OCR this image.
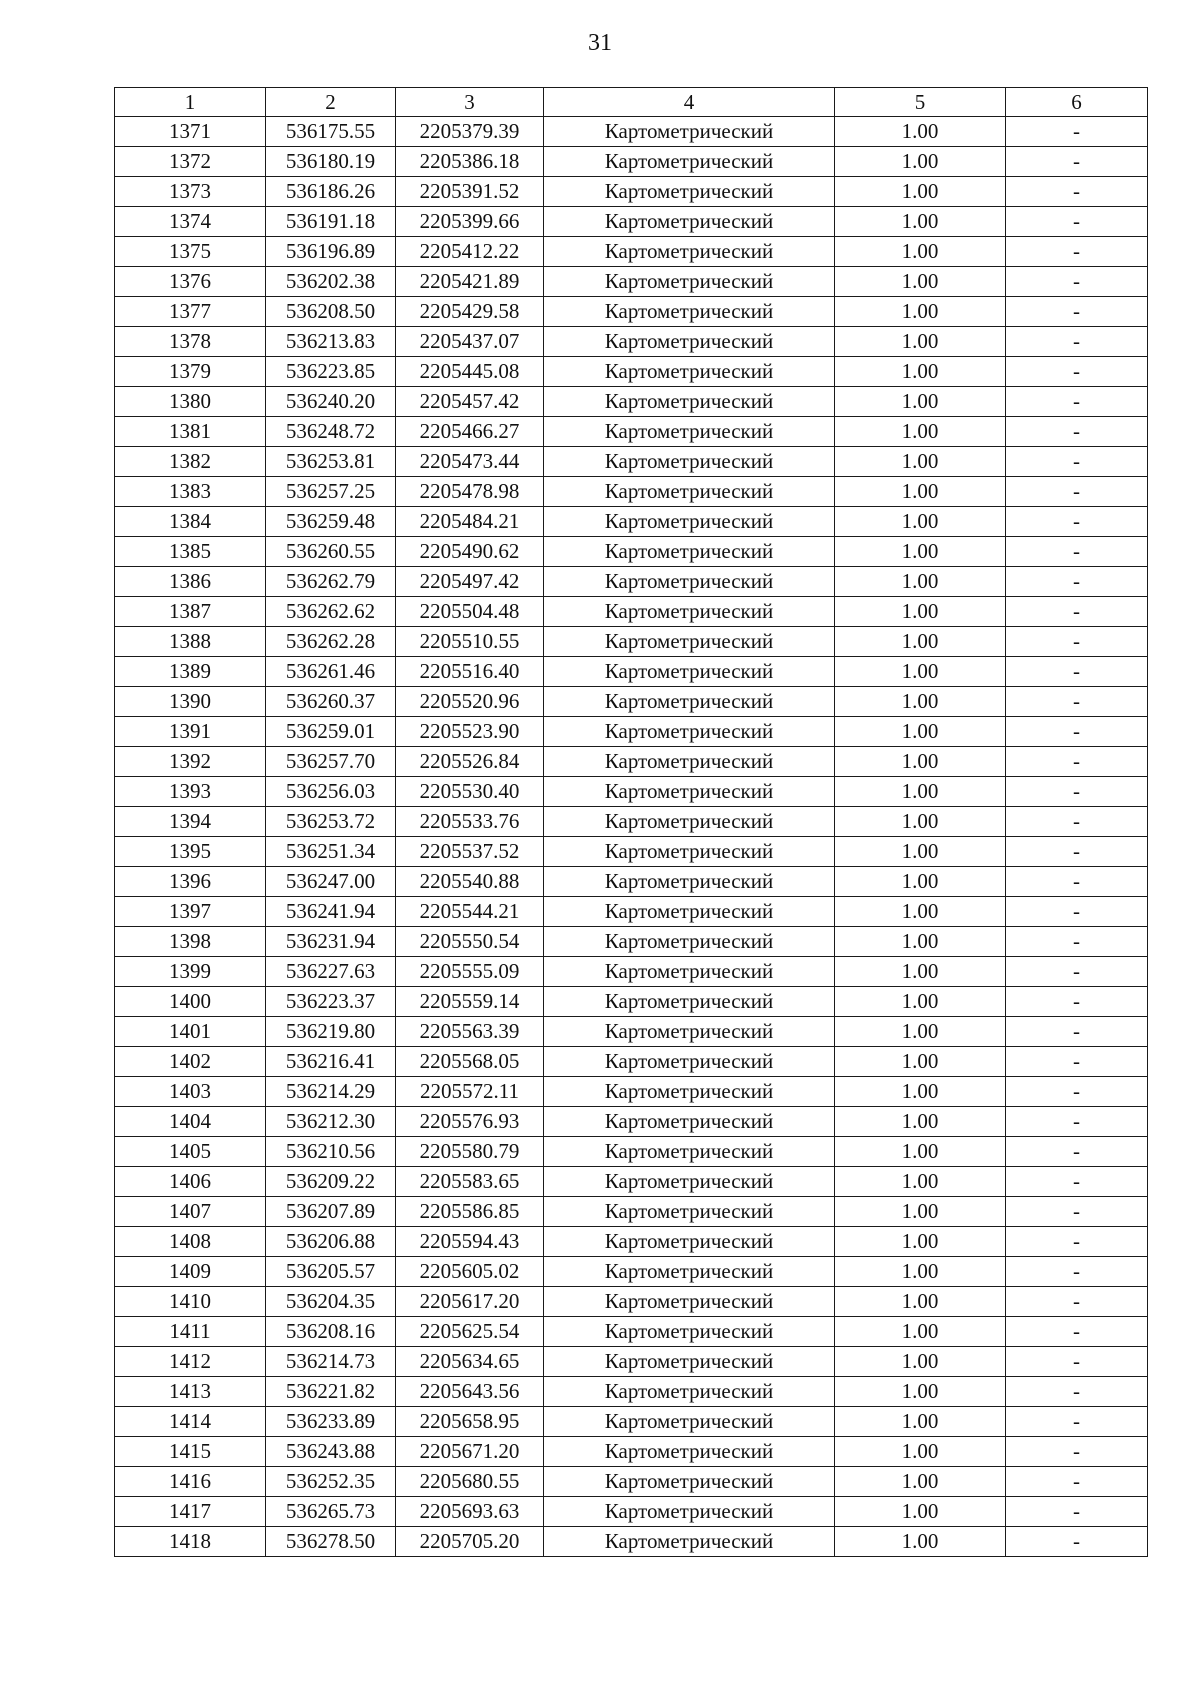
31
1	2	3	4	5	6
1371	536175.55	2205379.39	Картометрический	1.00	-
1372	536180.19	2205386.18	Картометрический	1.00	-
1373	536186.26	2205391.52	Картометрический	1.00	-
1374	536191.18	2205399.66	Картометрический	1.00	-
1375	536196.89	2205412.22	Картометрический	1.00	-
1376	536202.38	2205421.89	Картометрический	1.00	-
1377	536208.50	2205429.58	Картометрический	1.00	-
1378	536213.83	2205437.07	Картометрический	1.00	-
1379	536223.85	2205445.08	Картометрический	1.00	-
1380	536240.20	2205457.42	Картометрический	1.00	-
1381	536248.72	2205466.27	Картометрический	1.00	-
1382	536253.81	2205473.44	Картометрический	1.00	-
1383	536257.25	2205478.98	Картометрический	1.00	-
1384	536259.48	2205484.21	Картометрический	1.00	-
1385	536260.55	2205490.62	Картометрический	1.00	-
1386	536262.79	2205497.42	Картометрический	1.00	-
1387	536262.62	2205504.48	Картометрический	1.00	-
1388	536262.28	2205510.55	Картометрический	1.00	-
1389	536261.46	2205516.40	Картометрический	1.00	-
1390	536260.37	2205520.96	Картометрический	1.00	-
1391	536259.01	2205523.90	Картометрический	1.00	-
1392	536257.70	2205526.84	Картометрический	1.00	-
1393	536256.03	2205530.40	Картометрический	1.00	-
1394	536253.72	2205533.76	Картометрический	1.00	-
1395	536251.34	2205537.52	Картометрический	1.00	-
1396	536247.00	2205540.88	Картометрический	1.00	-
1397	536241.94	2205544.21	Картометрический	1.00	-
1398	536231.94	2205550.54	Картометрический	1.00	-
1399	536227.63	2205555.09	Картометрический	1.00	-
1400	536223.37	2205559.14	Картометрический	1.00	-
1401	536219.80	2205563.39	Картометрический	1.00	-
1402	536216.41	2205568.05	Картометрический	1.00	-
1403	536214.29	2205572.11	Картометрический	1.00	-
1404	536212.30	2205576.93	Картометрический	1.00	-
1405	536210.56	2205580.79	Картометрический	1.00	-
1406	536209.22	2205583.65	Картометрический	1.00	-
1407	536207.89	2205586.85	Картометрический	1.00	-
1408	536206.88	2205594.43	Картометрический	1.00	-
1409	536205.57	2205605.02	Картометрический	1.00	-
1410	536204.35	2205617.20	Картометрический	1.00	-
1411	536208.16	2205625.54	Картометрический	1.00	-
1412	536214.73	2205634.65	Картометрический	1.00	-
1413	536221.82	2205643.56	Картометрический	1.00	-
1414	536233.89	2205658.95	Картометрический	1.00	-
1415	536243.88	2205671.20	Картометрический	1.00	-
1416	536252.35	2205680.55	Картометрический	1.00	-
1417	536265.73	2205693.63	Картометрический	1.00	-
1418	536278.50	2205705.20	Картометрический	1.00	-
